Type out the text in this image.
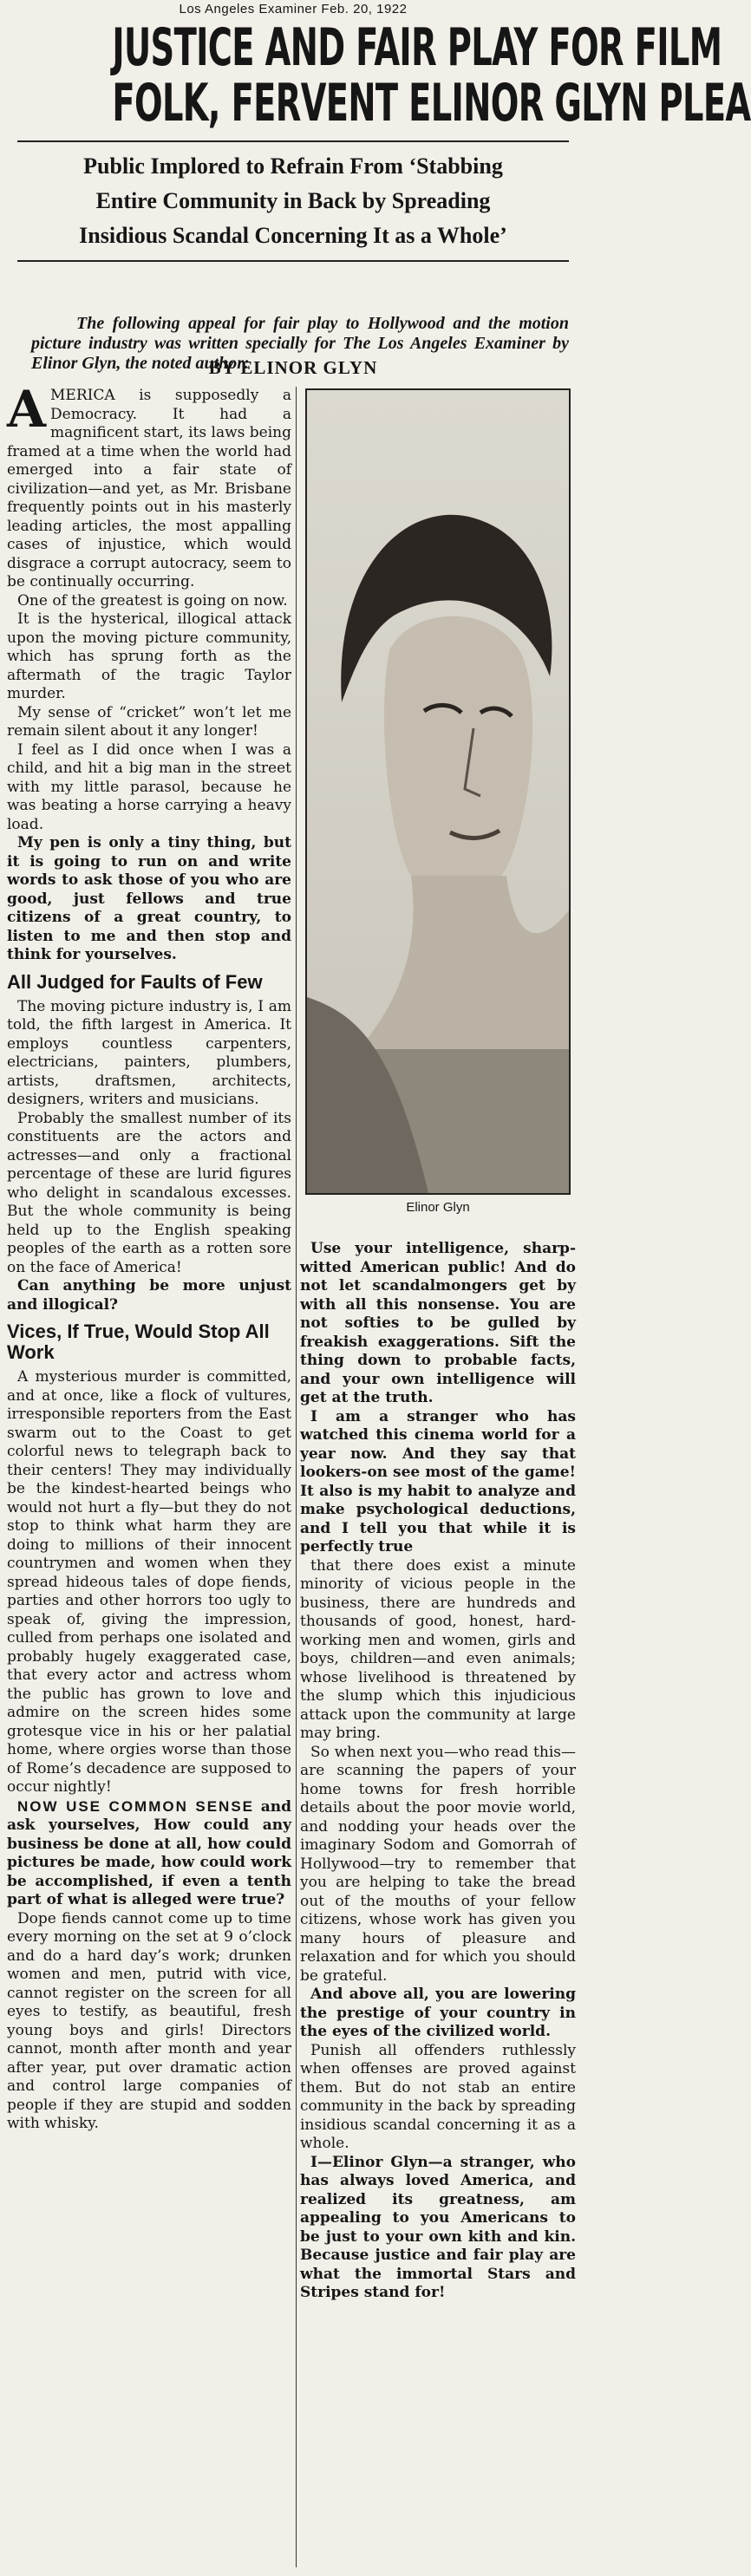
Los Angeles Examiner Feb. 20, 1922
JUSTICE AND FAIR PLAY FOR FILM
FOLK, FERVENT ELINOR GLYN PLEA
Public Implored to Refrain From ‘Stabbing
Entire Community in Back by Spreading
Insidious Scandal Concerning It as a Whole’

The following appeal for fair play to Hollywood and the motion picture industry was written specially for The Los Angeles Examiner by Elinor Glyn, the noted author:

BY ELINOR GLYN

AMERICA is supposedly a Democracy. It had a magnificent start, its laws being framed at a time when the world had emerged into a fair state of civilization—and yet, as Mr. Brisbane frequently points out in his masterly leading articles, the most appalling cases of injustice, which would disgrace a corrupt autocracy, seem to be continually occurring.

One of the greatest is going on now.

It is the hysterical, illogical attack upon the moving picture community, which has sprung forth as the aftermath of the tragic Taylor murder.

My sense of “cricket” won’t let me remain silent about it any longer!

I feel as I did once when I was a child, and hit a big man in the street with my little parasol, because he was beating a horse carrying a heavy load.

My pen is only a tiny thing, but it is going to run on and write words to ask those of you who are good, just fellows and true citizens of a great country, to listen to me and then stop and think for yourselves.

All Judged for Faults of Few

The moving picture industry is, I am told, the fifth largest in America. It employs countless carpenters, electricians, painters, plumbers, artists, draftsmen, architects, designers, writers and musicians.

Probably the smallest number of its constituents are the actors and actresses—and only a fractional percentage of these are lurid figures who delight in scandalous excesses. But the whole community is being held up to the English speaking peoples of the earth as a rotten sore on the face of America!

Can anything be more unjust and illogical?

Vices, If True, Would Stop All Work

A mysterious murder is committed, and at once, like a flock of vultures, irresponsible reporters from the East swarm out to the Coast to get colorful news to telegraph back to their centers! They may individually be the kindest-hearted beings who would not hurt a fly—but they do not stop to think what harm they are doing to millions of their innocent countrymen and women when they spread hideous tales of dope fiends, parties and other horrors too ugly to speak of, giving the impression, culled from perhaps one isolated and probably hugely exaggerated case, that every actor and actress whom the public has grown to love and admire on the screen hides some grotesque vice in his or her palatial home, where orgies worse than those of Rome’s decadence are supposed to occur nightly!

NOW USE COMMON SENSE and ask yourselves, How could any business be done at all, how could pictures be made, how could work be accomplished, if even a tenth part of what is alleged were true?

Dope fiends cannot come up to time every morning on the set at 9 o’clock and do a hard day’s work; drunken women and men, putrid with vice, cannot register on the screen for all eyes to testify, as beautiful, fresh young boys and girls! Directors cannot, month after month and year after year, put over dramatic action and control large companies of people if they are stupid and sodden with whisky.

Elinor Glyn

Use your intelligence, sharp-witted American public! And do not let scandalmongers get by with all this nonsense. You are not softies to be gulled by freakish exaggerations. Sift the thing down to probable facts, and your own intelligence will get at the truth.

I am a stranger who has watched this cinema world for a year now. And they say that lookers-on see most of the game! It also is my habit to analyze and make psychological deductions, and I tell you that while it is perfectly true

that there does exist a minute minority of vicious people in the business, there are hundreds and thousands of good, honest, hard-working men and women, girls and boys, children—and even animals; whose livelihood is threatened by the slump which this injudicious attack upon the community at large may bring.

So when next you—who read this—are scanning the papers of your home towns for fresh horrible details about the poor movie world, and nodding your heads over the imaginary Sodom and Gomorrah of Hollywood—try to remember that you are helping to take the bread out of the mouths of your fellow citizens, whose work has given you many hours of pleasure and relaxation and for which you should be grateful.

And above all, you are lowering the prestige of your country in the eyes of the civilized world.

Punish all offenders ruthlessly when offenses are proved against them. But do not stab an entire community in the back by spreading insidious scandal concerning it as a whole.

I—Elinor Glyn—a stranger, who has always loved America, and realized its greatness, am appealing to you Americans to be just to your own kith and kin. Because justice and fair play are what the immortal Stars and Stripes stand for!
